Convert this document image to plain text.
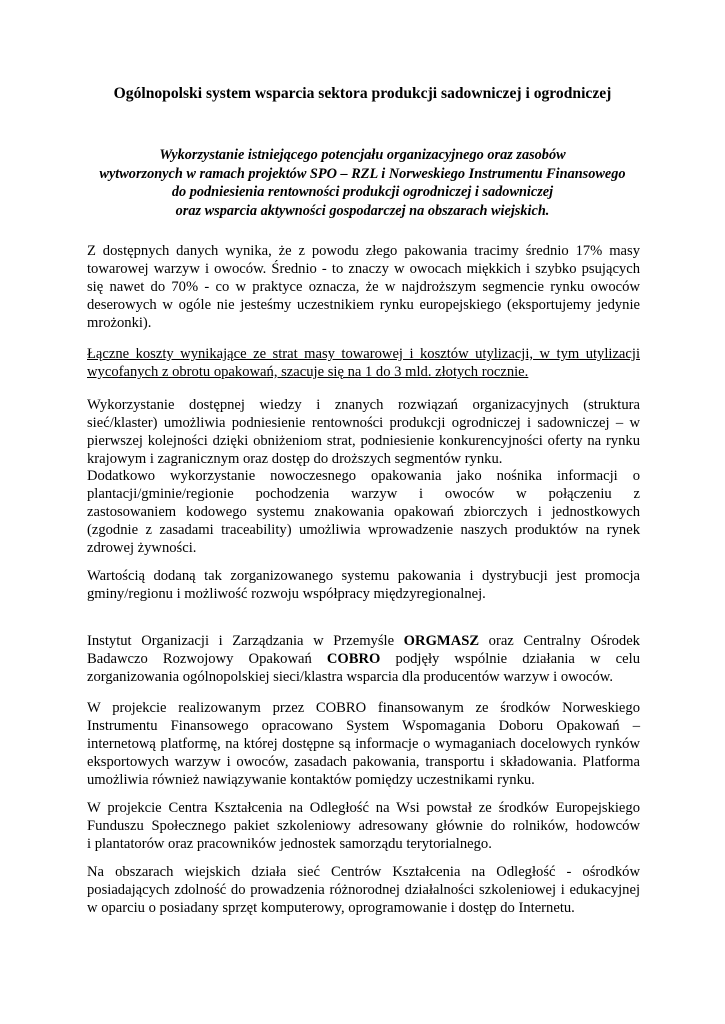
Ogólnopolski system wsparcia sektora produkcji sadowniczej i ogrodniczej
Wykorzystanie istniejącego potencjału organizacyjnego oraz zasobów
wytworzonych w ramach projektów SPO – RZL i Norweskiego Instrumentu Finansowego
do podniesienia rentowności produkcji ogrodniczej i sadowniczej
oraz wsparcia aktywności gospodarczej na obszarach wiejskich.
Z dostępnych danych wynika, że z powodu złego pakowania tracimy średnio 17% masy
towarowej warzyw i owoców. Średnio - to znaczy w owocach miękkich i szybko psujących
się nawet do 70% - co w praktyce oznacza, że w najdroższym segmencie rynku owoców
deserowych w ogóle nie jesteśmy uczestnikiem rynku europejskiego (eksportujemy jedynie
mrożonki).
Łączne koszty wynikające ze strat masy towarowej i kosztów utylizacji, w tym utylizacji
wycofanych z obrotu opakowań, szacuje się na 1 do 3 mld. złotych rocznie.
Wykorzystanie dostępnej wiedzy i znanych rozwiązań organizacyjnych (struktura
sieć/klaster) umożliwia podniesienie rentowności produkcji ogrodniczej i sadowniczej – w
pierwszej kolejności dzięki obniżeniom strat, podniesienie konkurencyjności oferty na rynku
krajowym i zagranicznym oraz dostęp do droższych segmentów rynku.
Dodatkowo wykorzystanie nowoczesnego opakowania jako nośnika informacji o
plantacji/gminie/regionie pochodzenia warzyw i owoców w połączeniu z
zastosowaniem kodowego systemu znakowania opakowań zbiorczych i jednostkowych
(zgodnie z zasadami traceability) umożliwia wprowadzenie naszych produktów na rynek
zdrowej żywności.
Wartością dodaną tak zorganizowanego systemu pakowania i dystrybucji jest promocja
gminy/regionu i możliwość rozwoju współpracy międzyregionalnej.
Instytut Organizacji i Zarządzania w Przemyśle ORGMASZ oraz Centralny Ośrodek
Badawczo Rozwojowy Opakowań COBRO podjęły wspólnie działania w celu
zorganizowania ogólnopolskiej sieci/klastra wsparcia dla producentów warzyw i owoców.
W projekcie realizowanym przez COBRO finansowanym ze środków Norweskiego
Instrumentu Finansowego opracowano System Wspomagania Doboru Opakowań –
internetową platformę, na której dostępne są informacje o wymaganiach docelowych rynków
eksportowych warzyw i owoców, zasadach pakowania, transportu i składowania. Platforma
umożliwia również nawiązywanie kontaktów pomiędzy uczestnikami rynku.
W projekcie Centra Kształcenia na Odległość na Wsi powstał ze środków Europejskiego
Funduszu Społecznego pakiet szkoleniowy adresowany głównie do rolników, hodowców
i plantatorów oraz pracowników jednostek samorządu terytorialnego.
Na obszarach wiejskich działa sieć Centrów Kształcenia na Odległość - ośrodków
posiadających zdolność do prowadzenia różnorodnej działalności szkoleniowej i edukacyjnej
w oparciu o posiadany sprzęt komputerowy, oprogramowanie i dostęp do Internetu.
